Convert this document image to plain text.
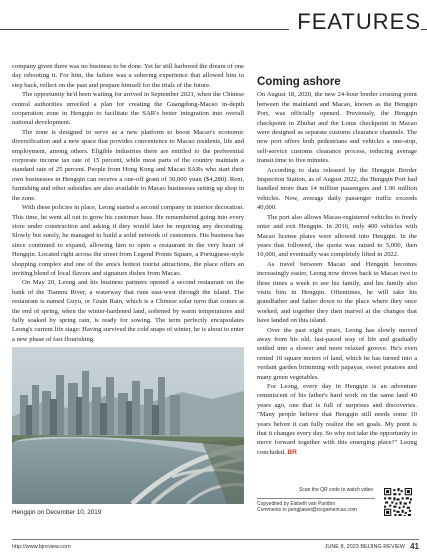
FEATURES

company given there was no business to be done. Yet he still harbored the dream of one day rebooting it. For him, the failure was a sobering experience that allowed him to step back, reflect on the past and prepare himself for the trials of the future.

The opportunity he'd been waiting for arrived in September 2021, when the Chinese central authorities unveiled a plan for creating the Guangdong-Macao in-depth cooperation zone in Hengqin to facilitate the SAR's better integration into overall national development.

The zone is designed to serve as a new platform to boost Macao's economic diversification and a new space that provides convenience to Macao residents, life and employment, among others. Eligible industries there are entitled to the preferential corporate income tax rate of 15 percent, while most parts of the country maintain a standard rate of 25 percent. People from Hong Kong and Macao SARs who start their own businesses in Hengqin can receive a one-off grant of 30,000 yuan ($4,280). Rent, furnishing and other subsidies are also available to Macao businesses setting up shop in the zone.

With these policies in place, Leong started a second company in interior decoration. This time, he went all out to grow his customer base. He remembered going into every store under construction and asking if they would later be requiring any decorating. Slowly but surely, he managed to build a solid network of customers. His business has since continued to expand, allowing him to open a restaurant in the very heart of Hengqin. Located right across the street from Legend Pointe Square, a Portuguese-style shopping complex and one of the area's hottest tourist attractions, the place offers an inviting blend of local flavors and signature dishes from Macao.

On May 20, Leong and his business partners opened a second restaurant on the bank of the Tianmu River, a waterway that runs east-west through the island. The restaurant is named Guyu, or Grain Rain, which is a Chinese solar term that comes at the end of spring, when the winter-hardened land, softened by warm temperatures and fully soaked by spring rain, is ready for sowing. The term perfectly encapsulates Leong's current life stage: Having survived the cold snaps of winter, he is about to enter a new phase of fast flourishing.

Hengqin on December 10, 2019
Coming ashore

On August 18, 2020, the new 24-hour border crossing point between the mainland and Macao, known as the Hengqin Port, was officially opened. Previously, the Hengqin checkpoint in Zhuhai and the Lotus checkpoint in Macao were designed as separate customs clearance channels. The new port offers both pedestrians and vehicles a one-stop, self-service customs clearance process, reducing average transit time to five minutes.

According to data released by the Hengqin Border Inspection Station, as of August 2022, the Hengqin Port had handled more than 14 million passengers and 1.96 million vehicles. Now, average daily passenger traffic exceeds 40,000.

The port also allows Macao-registered vehicles to freely enter and exit Hengqin. In 2016, only 400 vehicles with Macao license plates were allowed into Hengqin. In the years that followed, the quota was raised to 5,000, then 10,000, and eventually was completely lifted in 2022.

As travel between Macao and Hengqin becomes increasingly easier, Leong now drives back to Macao two to three times a week to see his family, and his family also visits him in Hengqin. Oftentimes, he will take his grandfather and father down to the place where they once worked, and together they then marvel at the changes that have landed on this island.

Over the past eight years, Leong has slowly moved away from his old, fast-paced way of life and gradually settled into a slower and more relaxed groove. He's even rented 10 square meters of land, which he has turned into a verdant garden brimming with papayas, sweet potatoes and many green vegetables.

For Leong, every day in Hengqin is an adventure reminiscent of his father's hard work on the same land 40 years ago, one that is full of surprises and discoveries. "Many people believe that Hengqin still needs some 10 years before it can fully realize the set goals. My point is that it changes every day. So why not take the opportunity to move forward together with this emerging place?" Leong concluded. BR

Scan the QR code to watch video
Copyedited by Elsbeth van Paridon
Comments to pengjiawei@cicgamericas.com
http://www.bjreview.com	JUNE 8, 2023 BEIJING REVIEW 41
